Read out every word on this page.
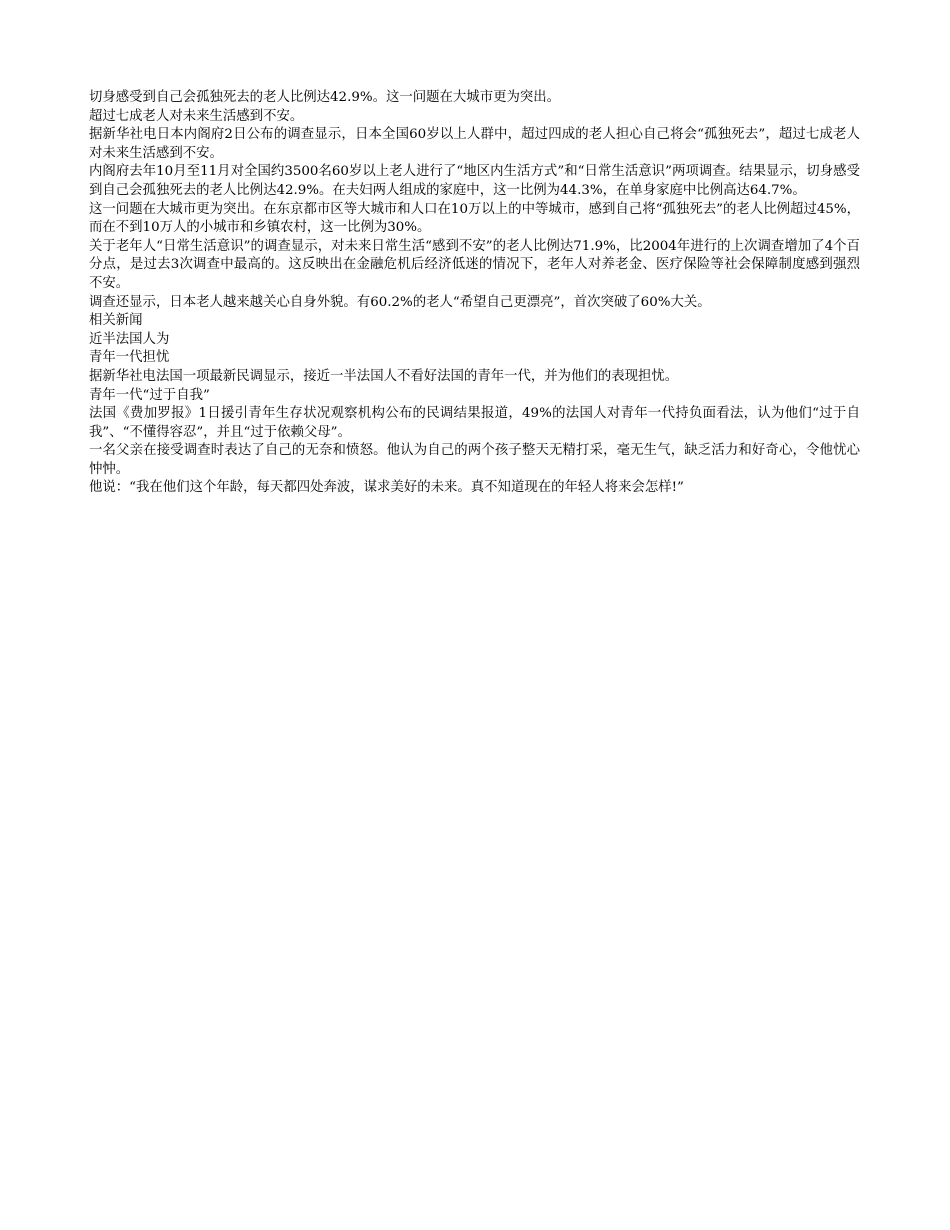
切身感受到自己会孤独死去的老人比例达42.9%。这一问题在大城市更为突出。

超过七成老人对未来生活感到不安。

据新华社电日本内阁府2日公布的调查显示，日本全国60岁以上人群中，超过四成的老人担心自己将会“孤独死去”，超过七成老人对未来生活感到不安。

内阁府去年10月至11月对全国约3500名60岁以上老人进行了“地区内生活方式”和“日常生活意识”两项调查。结果显示，切身感受到自己会孤独死去的老人比例达42.9%。在夫妇两人组成的家庭中，这一比例为44.3%，在单身家庭中比例高达64.7%。

这一问题在大城市更为突出。在东京都市区等大城市和人口在10万以上的中等城市，感到自己将“孤独死去”的老人比例超过45%，而在不到10万人的小城市和乡镇农村，这一比例为30%。

关于老年人“日常生活意识”的调查显示，对未来日常生活“感到不安”的老人比例达71.9%，比2004年进行的上次调查增加了4个百分点，是过去3次调查中最高的。这反映出在金融危机后经济低迷的情况下，老年人对养老金、医疗保险等社会保障制度感到强烈不安。

调查还显示，日本老人越来越关心自身外貌。有60.2%的老人“希望自己更漂亮”，首次突破了60%大关。

相关新闻

近半法国人为

青年一代担忧

据新华社电法国一项最新民调显示，接近一半法国人不看好法国的青年一代，并为他们的表现担忧。

青年一代“过于自我”

法国《费加罗报》1日援引青年生存状况观察机构公布的民调结果报道，49%的法国人对青年一代持负面看法，认为他们“过于自我”、“不懂得容忍”，并且“过于依赖父母”。

一名父亲在接受调查时表达了自己的无奈和愤怒。他认为自己的两个孩子整天无精打采，毫无生气，缺乏活力和好奇心，令他忧心忡忡。

他说：“我在他们这个年龄，每天都四处奔波，谋求美好的未来。真不知道现在的年轻人将来会怎样!”
